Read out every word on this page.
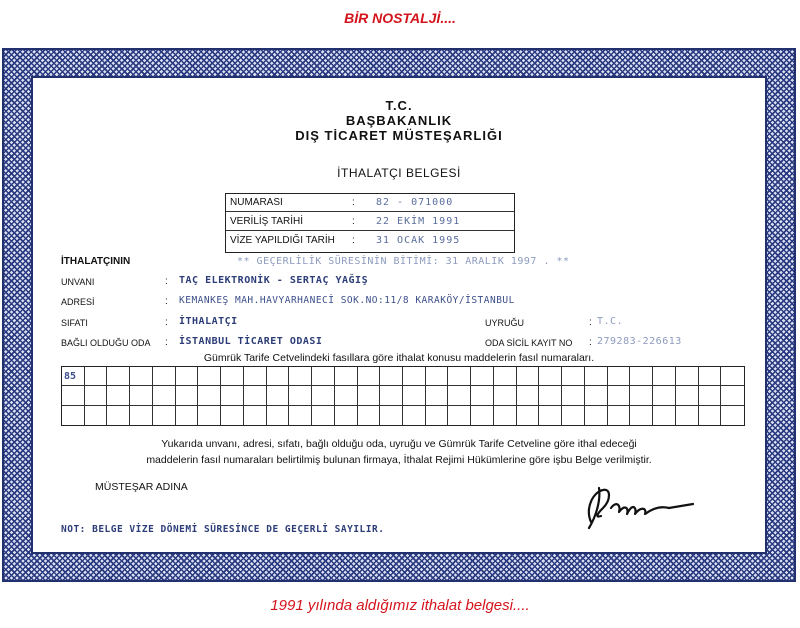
BİR NOSTALJİ....
T.C.
BAŞBAKANLIK
DIŞ TİCARET MÜSTEŞARLIĞI
İTHALATÇI BELGESİ
NUMARASI	: 82 - 071000
VERİLİŞ TARİHİ	: 22 EKİM 1991
VİZE YAPILDIĞI TARİH : 31 OCAK 1995
İTHALATÇININ	** GEÇERLİLİK SÜRESİNİN BİTİMİ: 31 ARALIK 1997 . **
UNVANI	: TAÇ ELEKTRONİK - SERTAÇ YAĞIŞ
ADRESİ	: KEMANKEŞ MAH.HAVYARHANECİ SOK.NO:11/8 KARAKÖY/İSTANBUL
SIFATI	: İTHALATÇI	UYRUĞU	: T.C.
BAĞLI OLDUĞU ODA : İSTANBUL TİCARET ODASI	ODA SİCİL KAYIT NO : 279283-226613
Gümrük Tarife Cetvelindeki fasıllara göre ithalat konusu maddelerin fasıl numaraları.
85
Yukarıda unvanı, adresi, sıfatı, bağlı olduğu oda, uyruğu ve Gümrük Tarife Cetveline göre ithal edeceği
maddelerin fasıl numaraları belirtilmiş bulunan firmaya, İthalat Rejimi Hükümlerine göre işbu Belge verilmiştir.
MÜSTEŞAR ADINA
NOT: BELGE VİZE DÖNEMİ SÜRESİNCE DE GEÇERLİ SAYILIR.
1991 yılında aldığımız ithalat belgesi....
